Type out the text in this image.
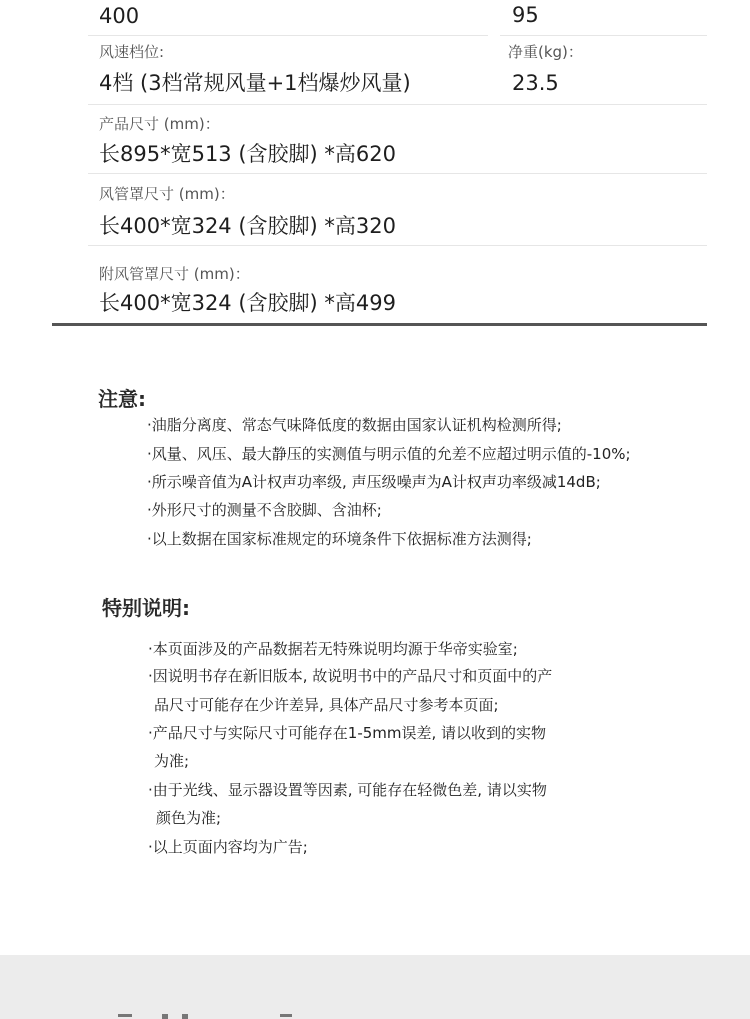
400	95
风速档位:
4档 (3档常规风量+1档爆炒风量)
净重(kg)：
23.5
产品尺寸 (mm)：
长895*宽513 (含胶脚) *高620
风管罩尺寸 (mm)：
长400*宽324 (含胶脚) *高320
附风管罩尺寸 (mm)：
长400*宽324 (含胶脚) *高499
注意:
·油脂分离度、常态气味降低度的数据由国家认证机构检测所得;
·风量、风压、最大静压的实测值与明示值的允差不应超过明示值的-10%;
·所示噪音值为A计权声功率级, 声压级噪声为A计权声功率级减14dB;
·外形尺寸的测量不含胶脚、含油杯;
·以上数据在国家标准规定的环境条件下依据标准方法测得;
特别说明:
·本页面涉及的产品数据若无特殊说明均源于华帝实验室;
·因说明书存在新旧版本, 故说明书中的产品尺寸和页面中的产
品尺寸可能存在少许差异, 具体产品尺寸参考本页面;
·产品尺寸与实际尺寸可能存在1-5mm误差, 请以收到的实物
为准;
·由于光线、显示器设置等因素, 可能存在轻微色差, 请以实物
颜色为准;
·以上页面内容均为广告;
